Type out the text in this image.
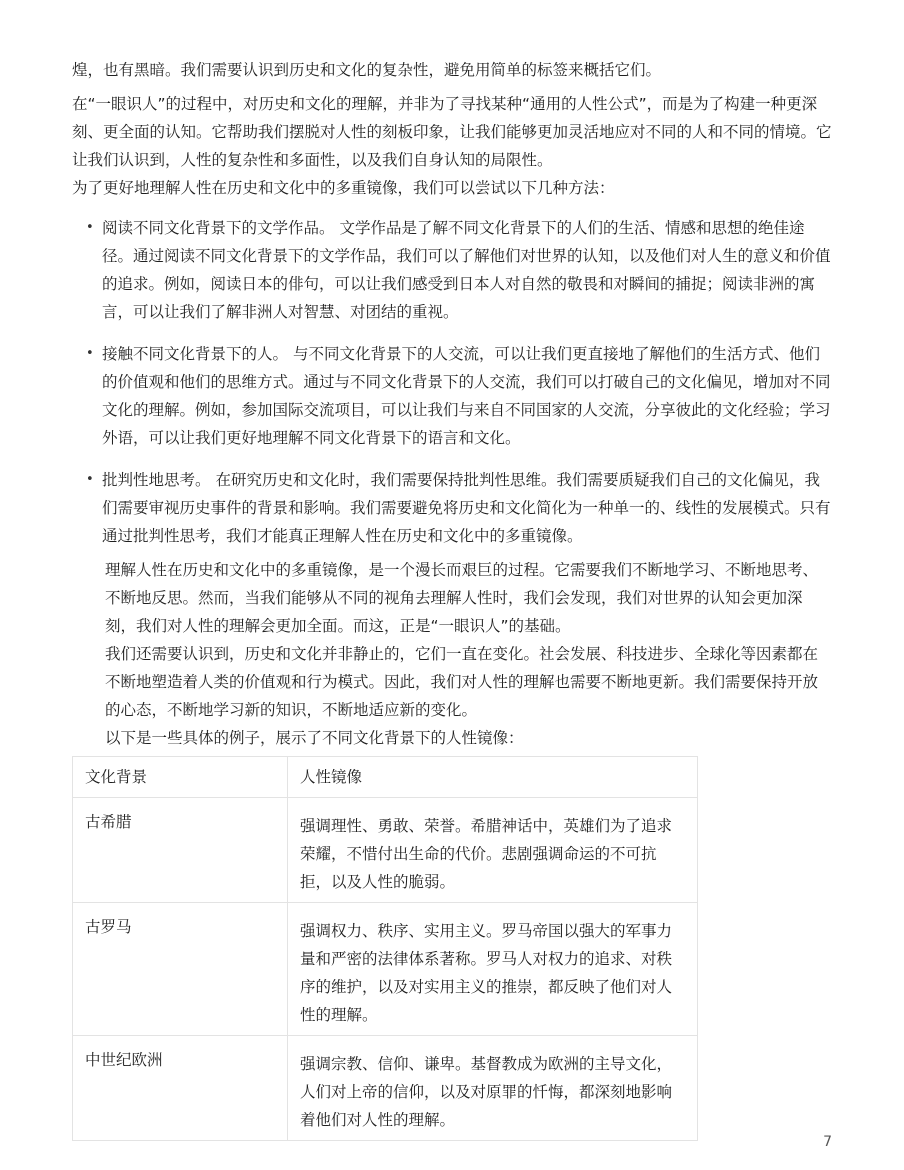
煌，也有黑暗。我们需要认识到历史和文化的复杂性，避免用简单的标签来概括它们。

在“一眼识人”的过程中，对历史和文化的理解，并非为了寻找某种“通用的人性公式”，而是为了构建一种更深刻、更全面的认知。它帮助我们摆脱对人性的刻板印象，让我们能够更加灵活地应对不同的人和不同的情境。它让我们认识到，人性的复杂性和多面性，以及我们自身认知的局限性。

为了更好地理解人性在历史和文化中的多重镜像，我们可以尝试以下几种方法：

• 阅读不同文化背景下的文学作品。 文学作品是了解不同文化背景下的人们的生活、情感和思想的绝佳途径。通过阅读不同文化背景下的文学作品，我们可以了解他们对世界的认知，以及他们对人生的意义和价值的追求。例如，阅读日本的俳句，可以让我们感受到日本人对自然的敬畏和对瞬间的捕捉；阅读非洲的寓言，可以让我们了解非洲人对智慧、对团结的重视。
• 接触不同文化背景下的人。 与不同文化背景下的人交流，可以让我们更直接地了解他们的生活方式、他们的价值观和他们的思维方式。通过与不同文化背景下的人交流，我们可以打破自己的文化偏见，增加对不同文化的理解。例如，参加国际交流项目，可以让我们与来自不同国家的人交流，分享彼此的文化经验；学习外语，可以让我们更好地理解不同文化背景下的语言和文化。
• 批判性地思考。 在研究历史和文化时，我们需要保持批判性思维。我们需要质疑我们自己的文化偏见，我们需要审视历史事件的背景和影响。我们需要避免将历史和文化简化为一种单一的、线性的发展模式。只有通过批判性思考，我们才能真正理解人性在历史和文化中的多重镜像。

理解人性在历史和文化中的多重镜像，是一个漫长而艰巨的过程。它需要我们不断地学习、不断地思考、不断地反思。然而，当我们能够从不同的视角去理解人性时，我们会发现，我们对世界的认知会更加深刻，我们对人性的理解会更加全面。而这，正是“一眼识人”的基础。

我们还需要认识到，历史和文化并非静止的，它们一直在变化。社会发展、科技进步、全球化等因素都在不断地塑造着人类的价值观和行为模式。因此，我们对人性的理解也需要不断地更新。我们需要保持开放的心态，不断地学习新的知识，不断地适应新的变化。

以下是一些具体的例子，展示了不同文化背景下的人性镜像：

文化背景	人性镜像
古希腊	强调理性、勇敢、荣誉。希腊神话中，英雄们为了追求荣耀，不惜付出生命的代价。悲剧强调命运的不可抗拒，以及人性的脆弱。
古罗马	强调权力、秩序、实用主义。罗马帝国以强大的军事力量和严密的法律体系著称。罗马人对权力的追求、对秩序的维护，以及对实用主义的推崇，都反映了他们对人性的理解。
中世纪欧洲	强调宗教、信仰、谦卑。基督教成为欧洲的主导文化，人们对上帝的信仰，以及对原罪的忏悔，都深刻地影响着他们对人性的理解。
7
